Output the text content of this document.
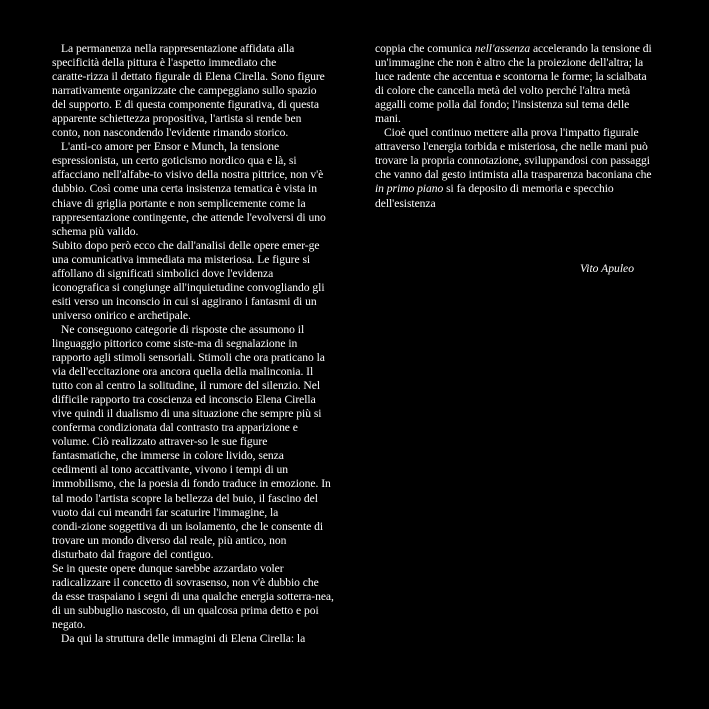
La permanenza nella rappresentazione affidata alla
specificità della pittura è l'aspetto immediato che
caratte-rizza il dettato figurale di Elena Cirella. Sono figure
narrativamente organizzate che campeggiano sullo spazio
del supporto. E di questa componente figurativa, di questa
apparente schiettezza propositiva, l'artista si rende ben
conto, non nascondendo l'evidente rimando storico.
L'anti-co amore per Ensor e Munch, la tensione
espressionista, un certo goticismo nordico qua e là, si
affacciano nell'alfabe-to visivo della nostra pittrice, non v'è
dubbio. Così come una certa insistenza tematica è vista in
chiave di griglia portante e non semplicemente come la
rappresentazione contingente, che attende l'evolversi di uno
schema più valido.
Subito dopo però ecco che dall'analisi delle opere emer-ge
una comunicativa immediata ma misteriosa. Le figure si
affollano di significati simbolici dove l'evidenza
iconografica si congiunge all'inquietudine convogliando gli
esiti verso un inconscio in cui si aggirano i fantasmi di un
universo onirico e archetipale.
Ne conseguono categorie di risposte che assumono il
linguaggio pittorico come siste-ma di segnalazione in
rapporto agli stimoli sensoriali. Stimoli che ora praticano la
via dell'eccitazione ora ancora quella della malinconia. Il
tutto con al centro la solitudine, il rumore del silenzio. Nel
difficile rapporto tra coscienza ed inconscio Elena Cirella
vive quindi il dualismo di una situazione che sempre più si
conferma condizionata dal contrasto tra apparizione e
volume. Ciò realizzato attraver-so le sue figure
fantasmatiche, che immerse in colore livido, senza
cedimenti al tono accattivante, vivono i tempi di un
immobilismo, che la poesia di fondo traduce in emozione. In
tal modo l'artista scopre la bellezza del buio, il fascino del
vuoto dai cui meandri far scaturire l'immagine, la
condi-zione soggettiva di un isolamento, che le consente di
trovare un mondo diverso dal reale, più antico, non
disturbato dal fragore del contiguo.
Se in queste opere dunque sarebbe azzardato voler
radicalizzare il concetto di sovrasenso, non v'è dubbio che
da esse traspaiano i segni di una qualche energia sotterra-nea,
di un subbuglio nascosto, di un qualcosa prima detto e poi
negato.
Da qui la struttura delle immagini di Elena Cirella: la
coppia che comunica nell'assenza accelerando la tensione di
un'immagine che non è altro che la proiezione dell'altra; la
luce radente che accentua e scontorna le forme; la scialbata
di colore che cancella metà del volto perché l'altra metà
aggalli come polla dal fondo; l'insistenza sul tema delle
mani.
Cioè quel continuo mettere alla prova l'impatto figurale
attraverso l'energia torbida e misteriosa, che nelle mani può
trovare la propria connotazione, sviluppandosi con passaggi
che vanno dal gesto intimista alla trasparenza baconiana che
in primo piano si fa deposito di memoria e specchio
dell'esistenza
Vito Apuleo
